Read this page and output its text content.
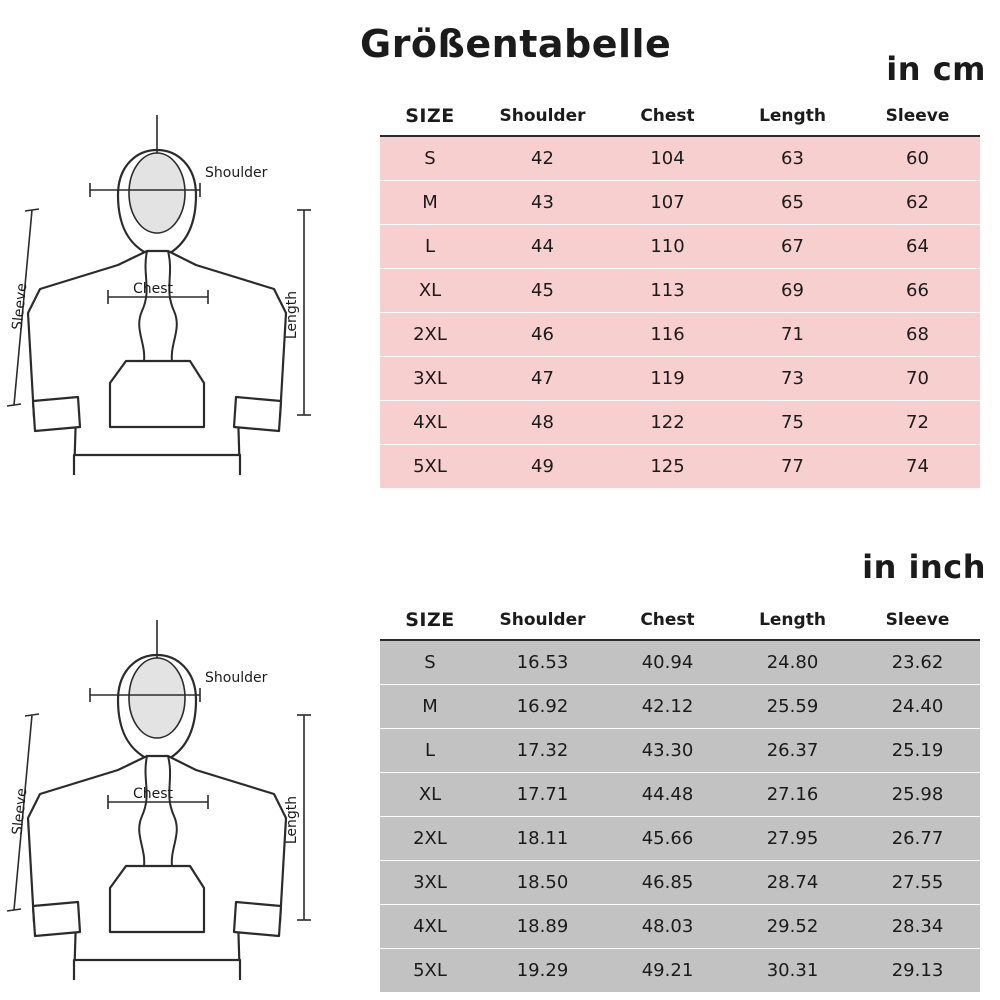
Größentabelle
in cm
in inch
Shoulder
Chest
Length
Sleeve
Shoulder
Chest
Length
Sleeve
SIZE	Shoulder	Chest	Length	Sleeve
S	42	104	63	60
M	43	107	65	62
L	44	110	67	64
XL	45	113	69	66
2XL	46	116	71	68
3XL	47	119	73	70
4XL	48	122	75	72
5XL	49	125	77	74
SIZE	Shoulder	Chest	Length	Sleeve
S	16.53	40.94	24.80	23.62
M	16.92	42.12	25.59	24.40
L	17.32	43.30	26.37	25.19
XL	17.71	44.48	27.16	25.98
2XL	18.11	45.66	27.95	26.77
3XL	18.50	46.85	28.74	27.55
4XL	18.89	48.03	29.52	28.34
5XL	19.29	49.21	30.31	29.13
